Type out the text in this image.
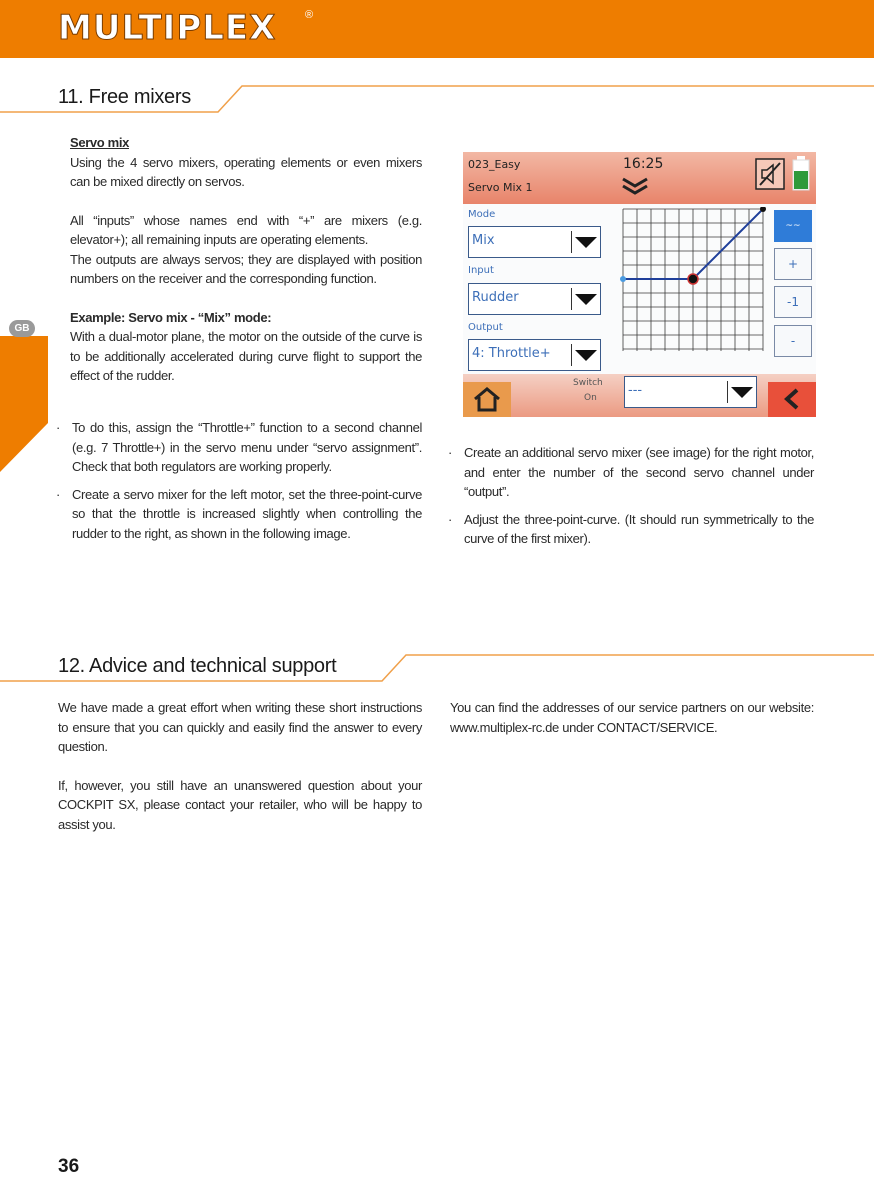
MULTIPLEX	®
GB
11. Free mixers

Servo mix

Using the 4 servo mixers, operating elements or even mixers can be mixed directly on servos.

All “inputs” whose names end with “+” are mixers (e.g. elevator+); all remaining inputs are operating elements.

The outputs are always servos; they are displayed with position numbers on the receiver and the corresponding function.

Example: Servo mix - “Mix” mode:

With a dual-motor plane, the motor on the outside of the curve is to be additionally accelerated during curve flight to support the effect of the rudder.

· To do this, assign the “Throttle+” function to a second channel (e.g. 7 Throttle+) in the servo menu under “servo assignment”. Check that both regulators are working properly.
· Create a servo mixer for the left motor, set the three-point-curve so that the throttle is increased slightly when controlling the rudder to the right, as shown in the following image.
023_Easy
Servo Mix 1
16:25
Mode
Mix
Input
Rudder
Output
4: Throttle+
~~
+
-1
-
Switch
On ---
· Create an additional servo mixer (see image) for the right motor, and enter the number of the second servo channel under “output”.
· Adjust the three-point-curve. (It should run symmetrically to the curve of the first mixer).
12. Advice and technical support

We have made a great effort when writing these short instructions to ensure that you can quickly and easily find the answer to every question.

If, however, you still have an unanswered question about your COCKPIT SX, please contact your retailer, who will be happy to assist you.

You can find the addresses of our service partners on our website: www.multiplex-rc.de under CONTACT/SERVICE.

36
